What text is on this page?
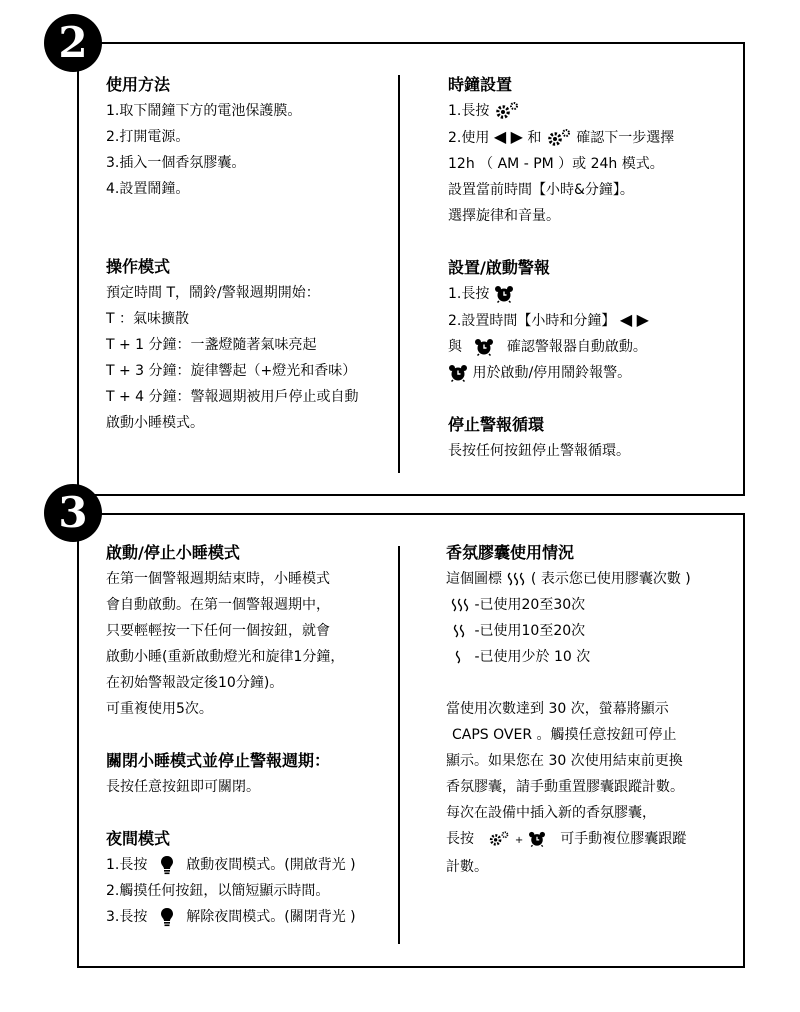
2
使用方法
1.取下鬧鐘下方的電池保護膜。
2.打開電源。
3.插入一個香氛膠囊。
4.設置鬧鐘。
操作模式
預定時間 T，鬧鈴/警報週期開始：
T ：氣味擴散
T + 1 分鐘：一盞燈隨著氣味亮起
T + 3 分鐘：旋律響起（+燈光和香味）
T + 4 分鐘：警報週期被用戶停止或自動
啟動小睡模式。
時鐘設置
1.長按
2.使用 ◀ ▶ 和 確認下一步選擇
12h （ AM - PM ）或 24h 模式。
設置當前時間【小時&分鐘】。
選擇旋律和音量。
設置/啟動警報
1.長按
2.設置時間【小時和分鐘】 ◀ ▶
與	確認警報器自動啟動。
用於啟動/停用鬧鈴報警。
停止警報循環
長按任何按鈕停止警報循環。
3
啟動/停止小睡模式
在第一個警報週期結束時，小睡模式
會自動啟動。在第一個警報週期中，
只要輕輕按一下任何一個按鈕，就會
啟動小睡(重新啟動燈光和旋律1分鐘，
在初始警報設定後10分鐘)。
可重複使用5次。
關閉小睡模式並停止警報週期：
長按任意按鈕即可關閉。
夜間模式
1.長按	啟動夜間模式。(開啟背光 )
2.觸摸任何按鈕，以簡短顯示時間。
3.長按	解除夜間模式。(關閉背光 )
香氛膠囊使用情況
這個圖標 ( 表示您已使用膠囊次數 )
-已使用20至30次
-已使用10至20次
-已使用少於 10 次
當使用次數達到 30 次，螢幕將顯示
CAPS OVER 。觸摸任意按鈕可停止
顯示。如果您在 30 次使用結束前更換
香氛膠囊，請手動重置膠囊跟蹤計數。
每次在設備中插入新的香氛膠囊，
長按	+	可手動複位膠囊跟蹤
計數。
